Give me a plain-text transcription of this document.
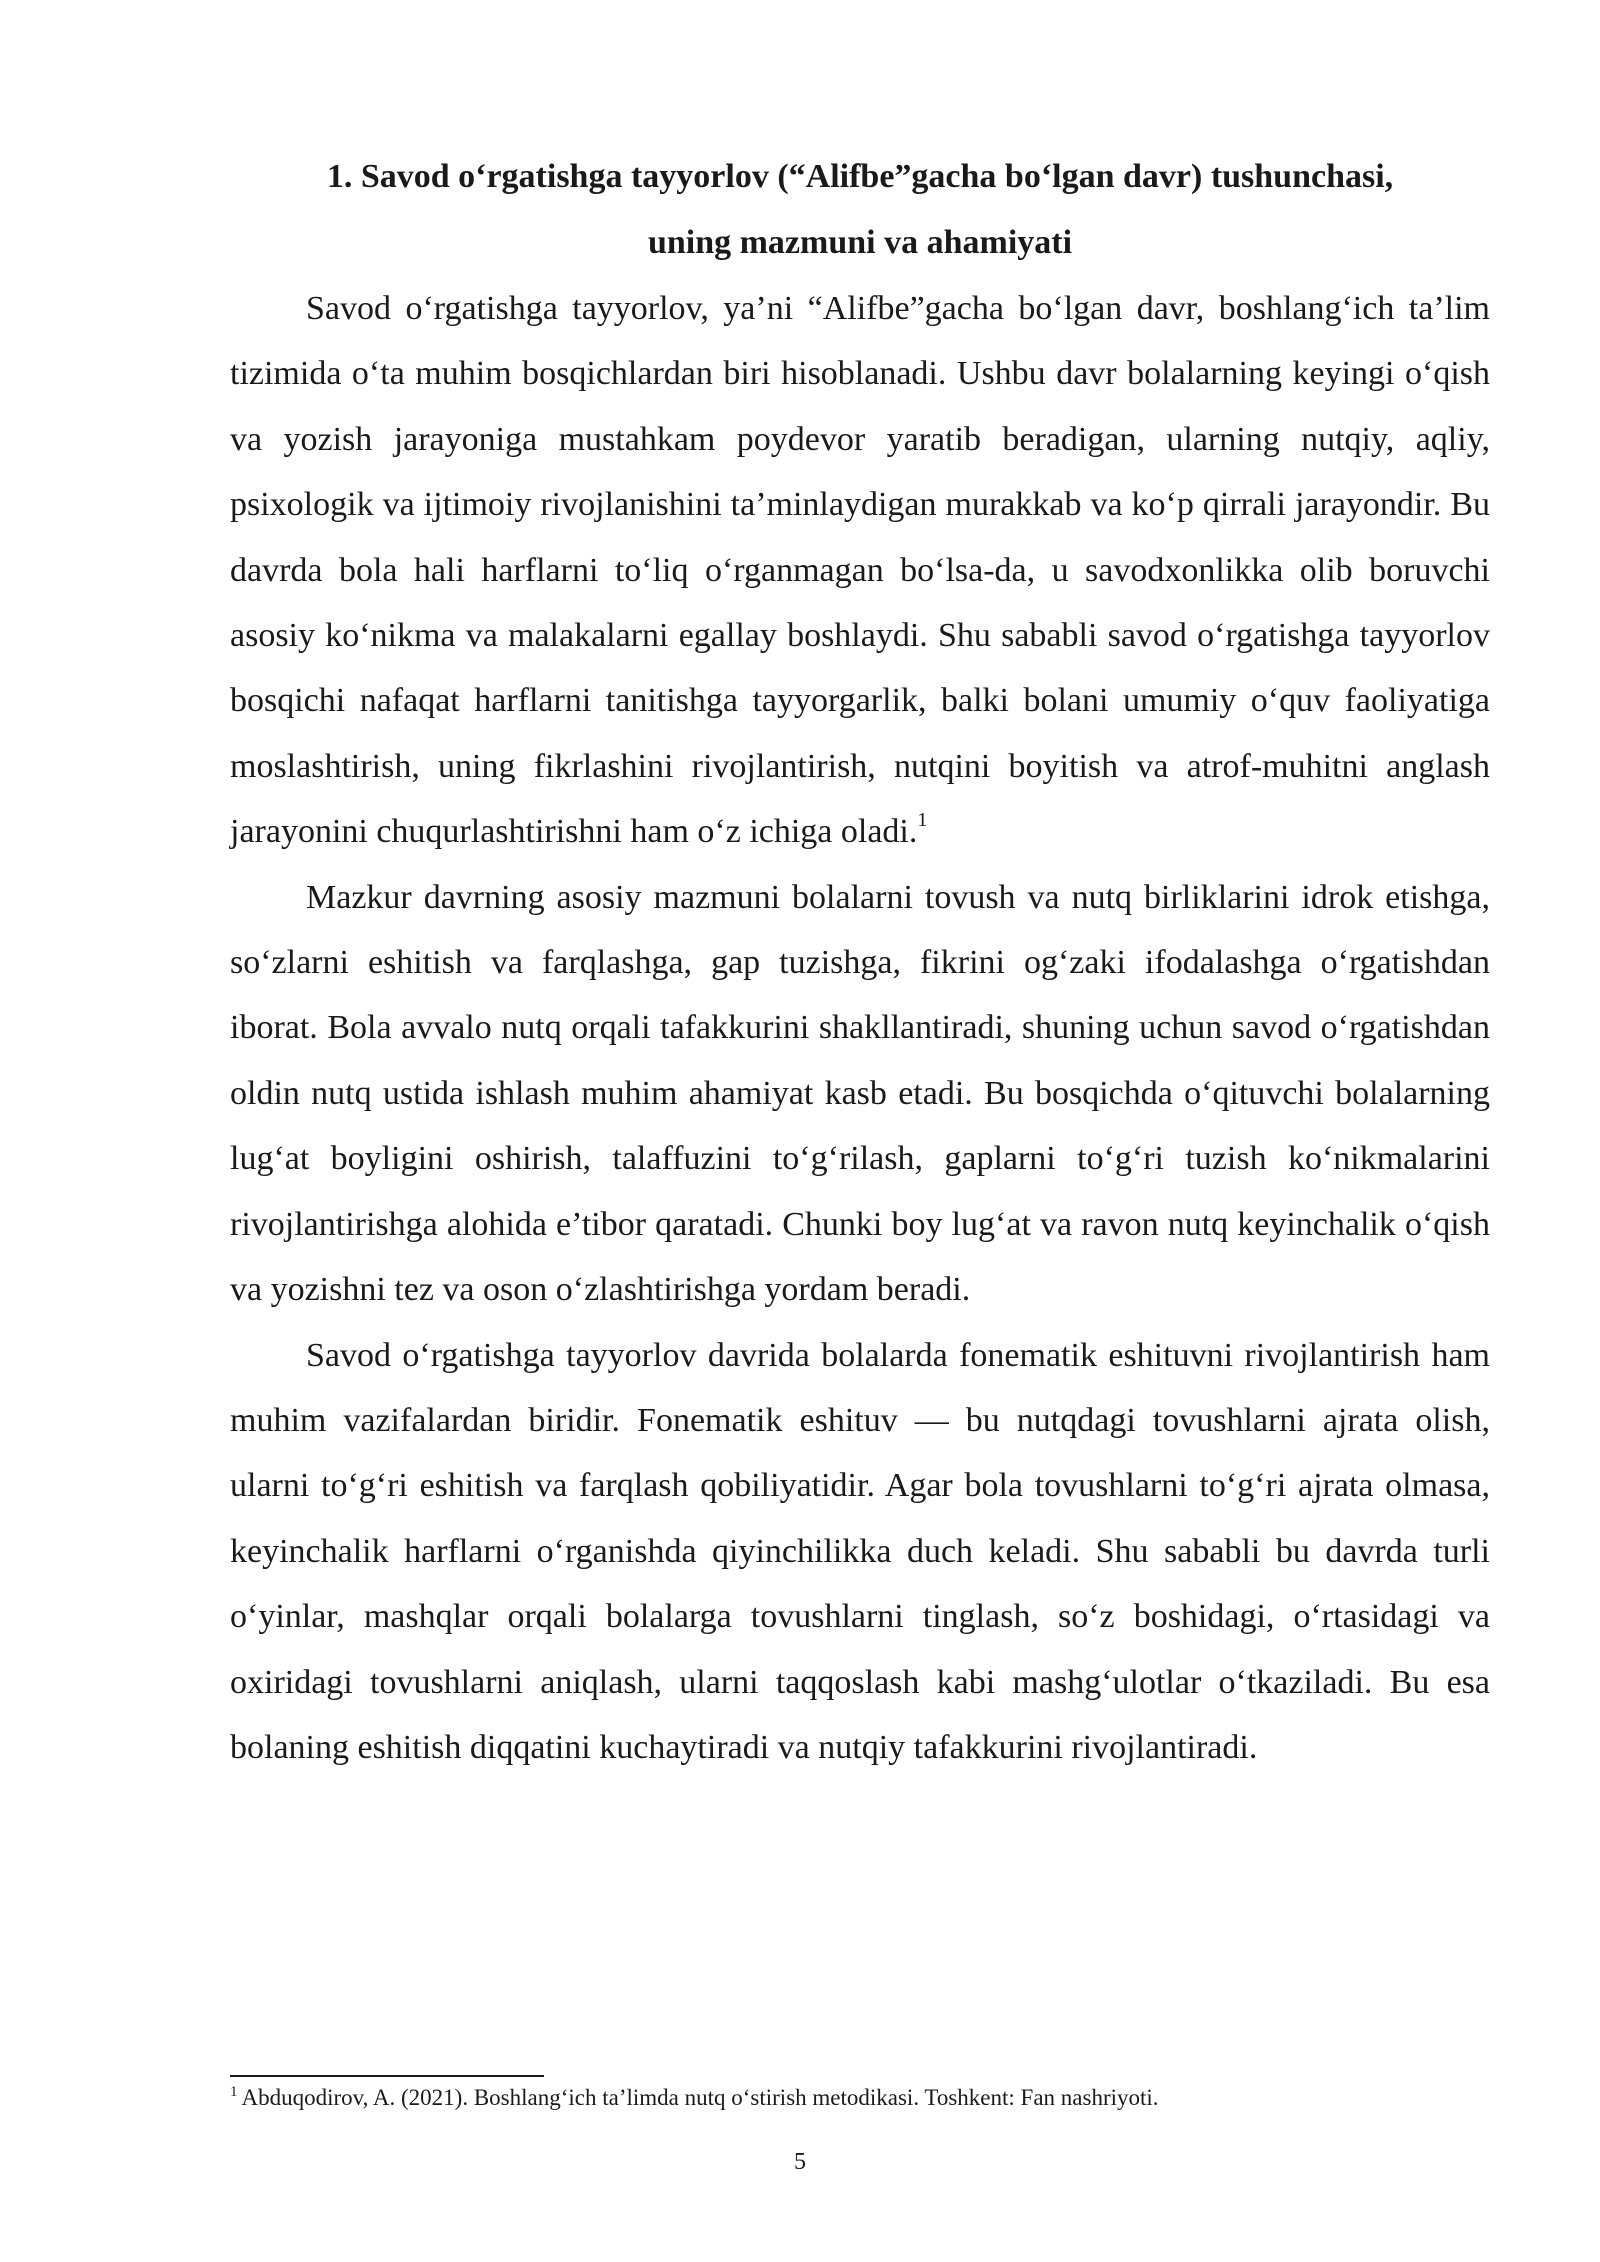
1. Savod o‘rgatishga tayyorlov (“Alifbe”gacha bo‘lgan davr) tushunchasi,
uning mazmuni va ahamiyati

Savod o‘rgatishga tayyorlov, ya’ni “Alifbe”gacha bo‘lgan davr, boshlang‘ich ta’lim tizimida o‘ta muhim bosqichlardan biri hisoblanadi. Ushbu davr bolalarning keyingi o‘qish va yozish jarayoniga mustahkam poydevor yaratib beradigan, ularning nutqiy, aqliy, psixologik va ijtimoiy rivojlanishini ta’minlaydigan murakkab va ko‘p qirrali jarayondir. Bu davrda bola hali harflarni to‘liq o‘rganmagan bo‘lsa-da, u savodxonlikka olib boruvchi asosiy ko‘nikma va malakalarni egallay boshlaydi. Shu sababli savod o‘rgatishga tayyorlov bosqichi nafaqat harflarni tanitishga tayyorgarlik, balki bolani umumiy o‘quv faoliyatiga moslashtirish, uning fikrlashini rivojlantirish, nutqini boyitish va atrof-muhitni anglash jarayonini chuqurlashtirishni ham o‘z ichiga oladi.$^1$

Mazkur davrning asosiy mazmuni bolalarni tovush va nutq birliklarini idrok etishga, so‘zlarni eshitish va farqlashga, gap tuzishga, fikrini og‘zaki ifodalashga o‘rgatishdan iborat. Bola avvalo nutq orqali tafakkurini shakllantiradi, shuning uchun savod o‘rgatishdan oldin nutq ustida ishlash muhim ahamiyat kasb etadi. Bu bosqichda o‘qituvchi bolalarning lug‘at boyligini oshirish, talaffuzini to‘g‘rilash, gaplarni to‘g‘ri tuzish ko‘nikmalarini rivojlantirishga alohida e’tibor qaratadi. Chunki boy lug‘at va ravon nutq keyinchalik o‘qish va yozishni tez va oson o‘zlashtirishga yordam beradi.

Savod o‘rgatishga tayyorlov davrida bolalarda fonematik eshituvni rivojlantirish ham muhim vazifalardan biridir. Fonematik eshituv — bu nutqdagi tovushlarni ajrata olish, ularni to‘g‘ri eshitish va farqlash qobiliyatidir. Agar bola tovushlarni to‘g‘ri ajrata olmasa, keyinchalik harflarni o‘rganishda qiyinchilikka duch keladi. Shu sababli bu davrda turli o‘yinlar, mashqlar orqali bolalarga tovushlarni tinglash, so‘z boshidagi, o‘rtasidagi va oxiridagi tovushlarni aniqlash, ularni taqqoslash kabi mashg‘ulotlar o‘tkaziladi. Bu esa bolaning eshitish diqqatini kuchaytiradi va nutqiy tafakkurini rivojlantiradi.

$^1$ Abduqodirov, A. (2021). Boshlang‘ich ta’limda nutq o‘stirish metodikasi. Toshkent: Fan nashriyoti.
5
